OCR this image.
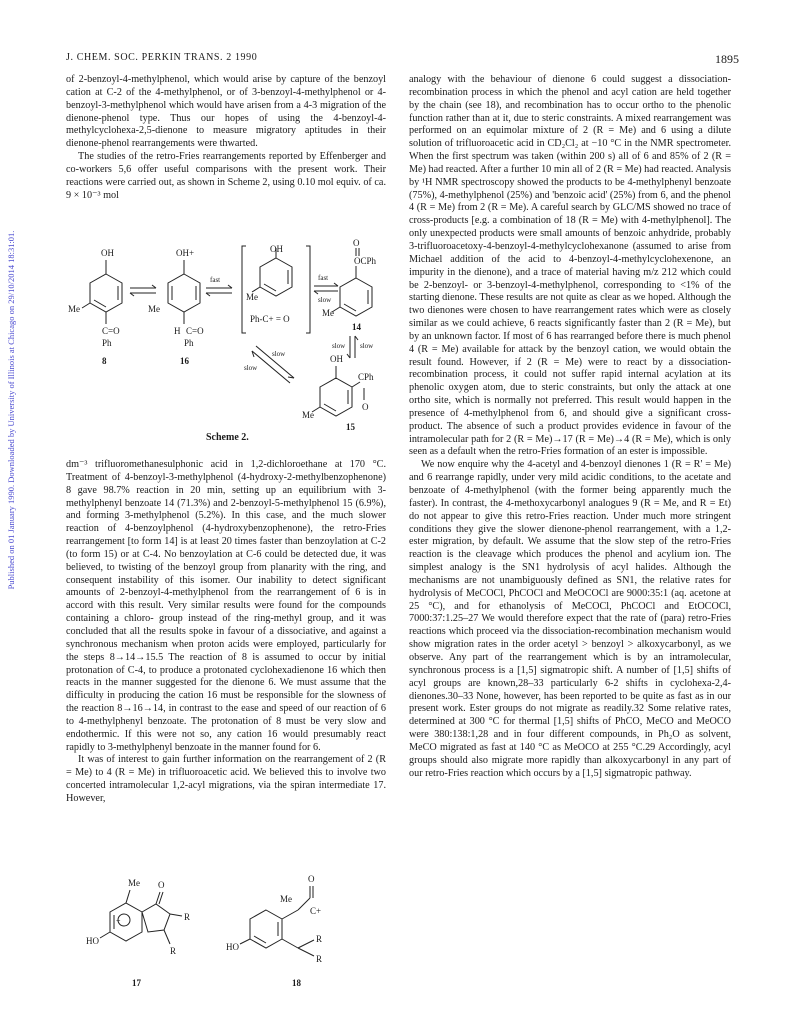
J. CHEM. SOC. PERKIN TRANS. 2 1990	1895
Published on 01 January 1990. Downloaded by University of Illinois at Chicago on 29/10/2014 18:31:01.

of 2-benzoyl-4-methylphenol, which would arise by capture of the benzoyl cation at C-2 of the 4-methylphenol, or of 3-benzoyl-4-methylphenol or 4-benzoyl-3-methylphenol which would have arisen from a 4-3 migration of the dienone-phenol type. Thus our hopes of using the 4-benzoyl-4-methylcyclohexa-2,5-dienone to measure migratory aptitudes in their dienone-phenol rearrangements were thwarted.

The studies of the retro-Fries rearrangements reported by Effenberger and co-workers 5,6 offer useful comparisons with the present work. Their reactions were carried out, as shown in Scheme 2, using 0.10 mol equiv. of ca. 9 × 10⁻³ mol

OH
Me
C=O
Ph
8
OH+
Me
H C=O
Ph
16
fast
OH
Me
Ph-C+ = O
fast
slow
O
OCPh
Me
14
slow slow
slow
slow
OH
CPh
O
Me
15
Scheme 2.

dm⁻³ trifluoromethanesulphonic acid in 1,2-dichloroethane at 170 °C. Treatment of 4-benzoyl-3-methylphenol (4-hydroxy-2-methylbenzophenone) 8 gave 98.7% reaction in 20 min, setting up an equilibrium with 3-methylphenyl benzoate 14 (71.3%) and 2-benzoyl-5-methylphenol 15 (6.9%), and forming 3-methylphenol (5.2%). In this case, and the much slower reaction of 4-benzoylphenol (4-hydroxybenzophenone), the retro-Fries rearrangement [to form 14] is at least 20 times faster than benzoylation at C-2 (to form 15) or at C-4. No benzoylation at C-6 could be detected due, it was believed, to twisting of the benzoyl group from planarity with the ring, and consequent instability of this isomer. Our inability to detect significant amounts of 2-benzoyl-4-methylphenol from the rearrangement of 6 is in accord with this result. Very similar results were found for the compounds containing a chloro- group instead of the ring-methyl group, and it was concluded that all the results spoke in favour of a dissociative, and against a synchronous mechanism when proton acids were employed, particularly for the steps 8→14→15.5 The reaction of 8 is assumed to occur by initial protonation of C-4, to produce a protonated cyclohexadienone 16 which then reacts in the manner suggested for the dienone 6. We must assume that the difficulty in producing the cation 16 must be responsible for the slowness of the reaction 8→16→14, in contrast to the ease and speed of our reaction of 6 to 4-methylphenyl benzoate. The protonation of 8 must be very slow and endothermic. If this were not so, any cation 16 would presumably react rapidly to 3-methylphenyl benzoate in the manner found for 6.

It was of interest to gain further information on the rearrangement of 2 (R = Me) to 4 (R = Me) in trifluoroacetic acid. We believed this to involve two concerted intramolecular 1,2-acyl migrations, via the spiran intermediate 17. However,

+
HO
Me O
R
R
17
HO
Me
O
C+
R
R
18

analogy with the behaviour of dienone 6 could suggest a dissociation-recombination process in which the phenol and acyl cation are held together by the chain (see 18), and recombination has to occur ortho to the phenolic function rather than at it, due to steric constraints. A mixed rearrangement was performed on an equimolar mixture of 2 (R = Me) and 6 using a dilute solution of trifluoroacetic acid in CD₂Cl₂ at −10 °C in the NMR spectrometer. When the first spectrum was taken (within 200 s) all of 6 and 85% of 2 (R = Me) had reacted. After a further 10 min all of 2 (R = Me) had reacted. Analysis by ¹H NMR spectroscopy showed the products to be 4-methylphenyl benzoate (75%), 4-methylphenol (25%) and 'benzoic acid' (25%) from 6, and the phenol 4 (R = Me) from 2 (R = Me). A careful search by GLC/MS showed no trace of cross-products [e.g. a combination of 18 (R = Me) with 4-methylphenol]. The only unexpected products were small amounts of benzoic anhydride, probably 3-trifluoroacetoxy-4-benzoyl-4-methylcyclohexanone (assumed to arise from Michael addition of the acid to 4-benzoyl-4-methylcyclohexenone, an impurity in the dienone), and a trace of material having m/z 212 which could be 2-benzoyl- or 3-benzoyl-4-methylphenol, corresponding to <1% of the starting dienone. These results are not quite as clear as we hoped. Although the two dienones were chosen to have rearrangement rates which were as closely similar as we could achieve, 6 reacts significantly faster than 2 (R = Me), but by an unknown factor. If most of 6 has rearranged before there is much phenol 4 (R = Me) available for attack by the benzoyl cation, we would obtain the result found. However, if 2 (R = Me) were to react by a dissociation-recombination process, it could not suffer rapid internal acylation at its phenolic oxygen atom, due to steric constraints, but only the attack at one ortho site, which is normally not preferred. This result would happen in the presence of 4-methylphenol from 6, and should give a significant cross-product. The absence of such a product provides evidence in favour of the intramolecular path for 2 (R = Me)→17 (R = Me)→4 (R = Me), which is only seen as a default when the retro-Fries formation of an ester is impossible.

We now enquire why the 4-acetyl and 4-benzoyl dienones 1 (R = R' = Me) and 6 rearrange rapidly, under very mild acidic conditions, to the acetate and benzoate of 4-methylphenol (with the former being apparently much the faster). In contrast, the 4-methoxycarbonyl analogues 9 (R = Me, and R = Et) do not appear to give this retro-Fries reaction. Under much more stringent conditions they give the slower dienone-phenol rearrangement, with a 1,2-ester migration, by default. We assume that the slow step of the retro-Fries reaction is the cleavage which produces the phenol and acylium ion. The simplest analogy is the SN1 hydrolysis of acyl halides. Although the mechanisms are not unambiguously defined as SN1, the relative rates for hydrolysis of MeCOCl, PhCOCl and MeOCOCl are 9000:35:1 (aq. acetone at 25 °C), and for ethanolysis of MeCOCl, PhCOCl and EtOCOCl, 7000:37:1.25–27 We would therefore expect that the rate of (para) retro-Fries reactions which proceed via the dissociation-recombination mechanism would show migration rates in the order acetyl > benzoyl > alkoxycarbonyl, as we observe. Any part of the rearrangement which is by an intramolecular, synchronous process is a [1,5] sigmatropic shift. A number of [1,5] shifts of acyl groups are known,28–33 particularly 6-2 shifts in cyclohexa-2,4-dienones.30–33 None, however, has been reported to be quite as fast as in our present work. Ester groups do not migrate as readily.32 Some relative rates, determined at 300 °C for thermal [1,5] shifts of PhCO, MeCO and MeOCO were 380:138:1,28 and in four different compounds, in Ph₂O as solvent, MeCO migrated as fast at 140 °C as MeOCO at 255 °C.29 Accordingly, acyl groups should also migrate more rapidly than alkoxycarbonyl in any part of our retro-Fries reaction which occurs by a [1,5] sigmatropic pathway.
